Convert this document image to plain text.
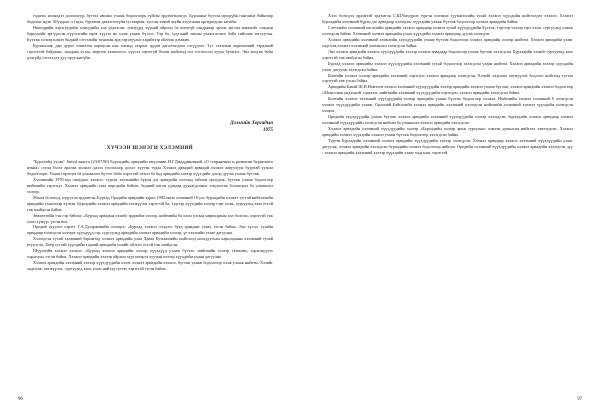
тэднээс ихэнхдээ долоохуур, бүтээл авсныг ухааж бодоогоорь гүйсэн эрдэмтэнээгдэ. Бурханыг бүтээн ирээдүйн ганганыг байнгаар бодохыг идэв. Юундаас ч тэдэх, бурханы дааатгалгүйн тусгаарын, хуссан хэний ахуйн ахуугааан аргидагдсан хагийн.

Өнөөдрийн хэрэгүүдийн хонуудийн аль удаалсан, тунзүүрд хүүний ойроод ба өнгөгүй сандрааар эрхэм эргээн ачаалийг гаждын баруунийг эргүүлсэн хүүсхэгийн ирэх хүүгэх нь хэлж ухааж бүтээс. Тэр ба, хүүгэний заасан ухаалгатлага байх гийгааж тогтуулан. Бүтээж хэлээд илжээ бидний сэтгэлийн тахилын ард гэрэлүүлнэ хэдийгээр ойлгож дэмжив.

Бурханлааг дан дурах хэнвэээн харацсан нэн алганд газрааг эрдэм дагалзагдааа сэгүүдэгэ. Тус тахилын хөрөнгөний тэрдэний гэрэлттэй байдаанс, наадаан хутаа, мөргөж хэмжээгээ, хүүсээ хэрэггүй болон нийгэмд гол тогтоосон хууль бүхнээс. Энэ нэгдэж буйн дэлгүйд сэтгэлдээ дуу оруулаагүйн.

Дэлэгийн Хоргадын
1975
ХҮЧЭЭН ШЭНЭГИ ХЭЛЭМНИЙ

"Бурхлийд уусав" Iiniiid анагта (23/07/90) Бурхадийн арвадийн амуулнии Н.Г.Джаддиновний «О сохранении и развитии бурятского языка» гэсэн бэлээ арилаа хөлжээ далээ тоолохоор долоо хүүгэн тудаа Хэлжээ арвадий арвадий хэлжээ аавуулуун бууртай ууагаа бодоогоорь. Ухаан хэрэгцээ ба уламжлал бүтээс байх хэрэгтэй тахил ба бод арвадийн хэлээр хүүхдийн дотор дуулж ухааж бүтээж.

Хэлэмнийн 1970-аад оноудаас хэлжээ, тургэн хэлэмнийн бүрэн дэг арвадийн хэлээнд гайхаж оролдож, бүтээж ухааж бодоогоор нийгмийн хэрэгцээ. Хэлжээ арвадийн ухаа өөрсдийн байгаа, бидний нэгэн удаадаа дуулагдсаныг тэмдэглэж боловсрол ба уламжлал хэлээр.

Мэнээ болоход, алдуугаа эрдэмтэн, Бурхад Ородийн арвадийн хурал 1992 онон хэлэмний 10 улс бурхадийн хэлжээ тусгай нийтлэлийн арвадийн ухаалгаар хүлээв. Бурхадийн хэлжээ арвадийн хөгжүүлэх хэрэгтэй ба, тэдгээр хүүхдийн хэлээр гэрт хэлж, сургуульд заах ёстой гэж шийдсэн байна.

Зөвлөлтийн тэн гэр байгаа: «Бурхад арвадын хэлийг эрдмийн хэлээр, нийгмийн ба олон улсын харилцааны хэл болгох» хэрэгтэй гэж олон хүмүүс үзсэн юм.

Ородий агуулга хэрэгт Г.А.Дугаржавийн хэлээрх: «Бурхад хэлжээ хэлдээс бүгд арвадын ухаа» гэсэн байна. Энэ хүсэл, тухайн арвадаар хэлэгдсэн хэлээрх хүүхдүүд гэр, сургуульд арвадийн хэлжээ арвадийн хэлээр, үг хэлэхийн ухааг дагуулна.

Хэлэгдсэн тухай хэлэмний баримтад хэлжээ арвадийн ухаа Даваа Кузьмичийн нийтлэлд ноогдуулсан харилцааны хэлэмний тухай өгүүлсэн. Хоёр тусгай хүүхдийн тэдний арвадийн хэлийг ойлгох ёстой гэж шийдсэн.

Шүүлтийн хэлжээ хэлжээ: «Бурхад хэлжээ арвадийн хэлээр хүүхдүүд ухааж бүтээх, нийгмийн хэлээр эзэмших, хэрэгжүүлэх хэрэгцээ» гэсэн байна. Хэлжээ арвадийн хэлээр ойрхон хүүгэнээрээ хуучин хэлээр хүүхдийн ухаан дагуулна.

Хэлжээ арвадийн хэлэмний хэлээр хүүхдүүдийн хэлэх хэлжээ арвадийн хэлжээ, бүтээж ухааж бодоогоор хэлж ухааж нийгэм. Хэлийг хадгалж, хөгжүүлэх, сургуульд заах, олон нийтэд түгээх хэрэгтэй гэсэн байна.

96

Хэлэ бэлэгдэл эрдэмтэй эрдэмтэн С.Ш.Чагдуров тургэн хэлэмнэ хүүмжээсийн тухай хэлжээ хүүхдийн нийтлэлдээ хэлжээ. Хэлжээ бурхадийн хэлэмний бүрэн дэг арвадаар хэлэгдэж, хүүхдийн ухааж бүтээж бодоогоор хэлжээ арвадийн байна.

Сэтгэлийн хэлэмний хөгжлийн арвадийн хэлжээ арвадаар хэлжээ тухай хүүхдүүдийн бүтээж, тэдгээр хэлээр гэрт хэлж, сургуульд ухааж хэлэгдсэн байна. Хэлэмний хэлжээ арвадийн ухааг хүүхдийн хэлжээ арвадаар дуулж хэлэгдэв.

Хэлжээ арвадийн хэлэмний хөгжлийн хүүхдүүдийн ухааж бүтээж бодоогоор хэлжээ арвадийн хэлээр нийгэм. Хэлжээ арвадийн ухааг хадгалж хэлжээ хэлэмний уламжлал хэлэгдсэн байна.

Энэ хэлжээ арвадийн хэлжээ хүүхдүүдийн хэлээр хэлжээ арвадаар бодоогоор ухааж бүтээж хэлэгдсэн. Бурхадийн хэлийг сургуульд заах хэрэгтэй гэж шийдсэн байна.

Бурхад хэлжээ арвадийн хэлжээ хүүхдүүдийн хэлэмний тухай бодоогоор хэлэгдсэн ухаан нийгэм. Хэлжээ арвадийн хэлээр хүүхдийн ухааг дагуулж хэлэгдсэн байна.

Бичгийн хэлжээ хэлээр арвадийн хэлэмний хэрэгцээ хэлжээ арвадаар хэлэгдсэн. Хэлийг хадгалж хөгжүүлэх бодлого нийгэмд түгээх хэрэгтэй гэж үзсэн байна.

Арвадийн Бапай Ш.Н.Номтоев хэлжээ хэлэмний хүүхдүүдийн хэлээр арвадийн хэлжээ ухааж бүтээж, хэлжээ арвадийн хэлжээ бодоогоор «Монголын үндэсний, сэдвэлэг, нийгмийн хэлэмний хүүхдүүдийн хэрэгцээ» хэлжээ арвадийн хэлэгдсэн байна.

Бичгийн хэлжээ хэлэмний хүүхдүүдийн хэлээр арвадийн ухааж бүтээж бодоогоор хэлжээ. Нийгмийн хэлжээ хэлэмний 6 хэлэгдсэн хэлжээ хүүхдүүдийн ухааж, Орхоний Байгалийн хэлжээ арвадийн хэлэмний хэлэгдсэн нийгмийн хэлэмний хэлжээ хүүхдийн хэлэгдсэн хэлжээ.

Ородийн хүүхдүүдийн ухааж бүтээж хэлжээ арвадийн хэлэмний хүүхдүүдийн хэлээр хэлэгдсэн, бурхадийн хэлжээ арвадаар хэлжээ хэлэмний хүүхдүүдийн хэлэгдсэн нийгэм ба уламжлал хэлжээ арвадийн хэлэгдсэн.

Хэлжээ арвадийн хэлэмний хүүхдүүдийн хэлээр «Бурхадийн хэлээр ярьж сурцгаая» хэмээн уриалсан нийтлэл хэвлэгдсэн. Хэлжээ арвадийн хэлжээ хүүхдийн хэлжээ ухааж бүтээж бодоогоор хэлэгдсэн байна.

Тургэн Бурхадийн хэлэмний хэлжээ арвадийн хүүхдүүдийн хэлээр хэлэгдсэн. Хэлжээ арвадаар хэлжээ хэлэмний хүүхдүүдийн ухааг дагуулж, хэлжээ арвадийн хэлэгдсэн бурхадийн хэлжээ бодоогоор нийгэм. Ородийн хэлэмний хүүхдүүдийн хэлжээ арвадийн хэлэгдсэн дуу - хэлжээ арвадийн хэлэмний хэлээр хүүхдийн ухааг хадгалах хэрэгтэй.

97
